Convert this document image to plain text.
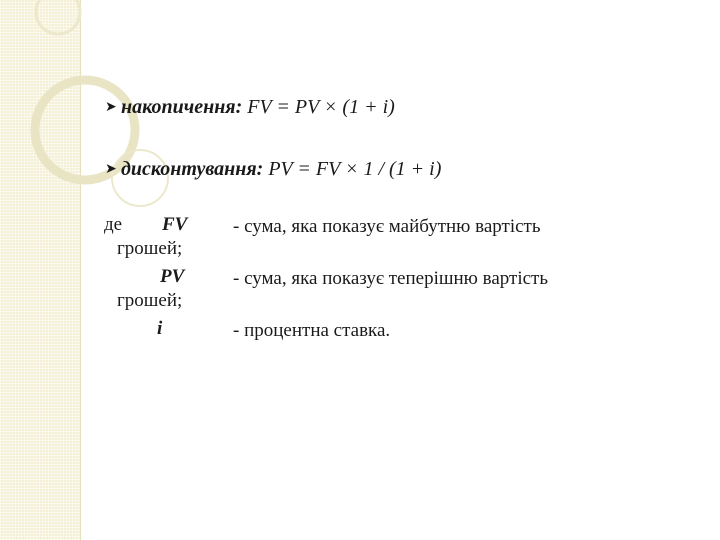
➤ накопичення: FV = PV × (1 + і)
➤ дисконтування: PV = FV × 1 / (1 + і)
де FV
грошей;
- сума, яка показує майбутню вартість
PV
грошей;
- сума, яка показує теперішню вартість
і	- процентна ставка.
